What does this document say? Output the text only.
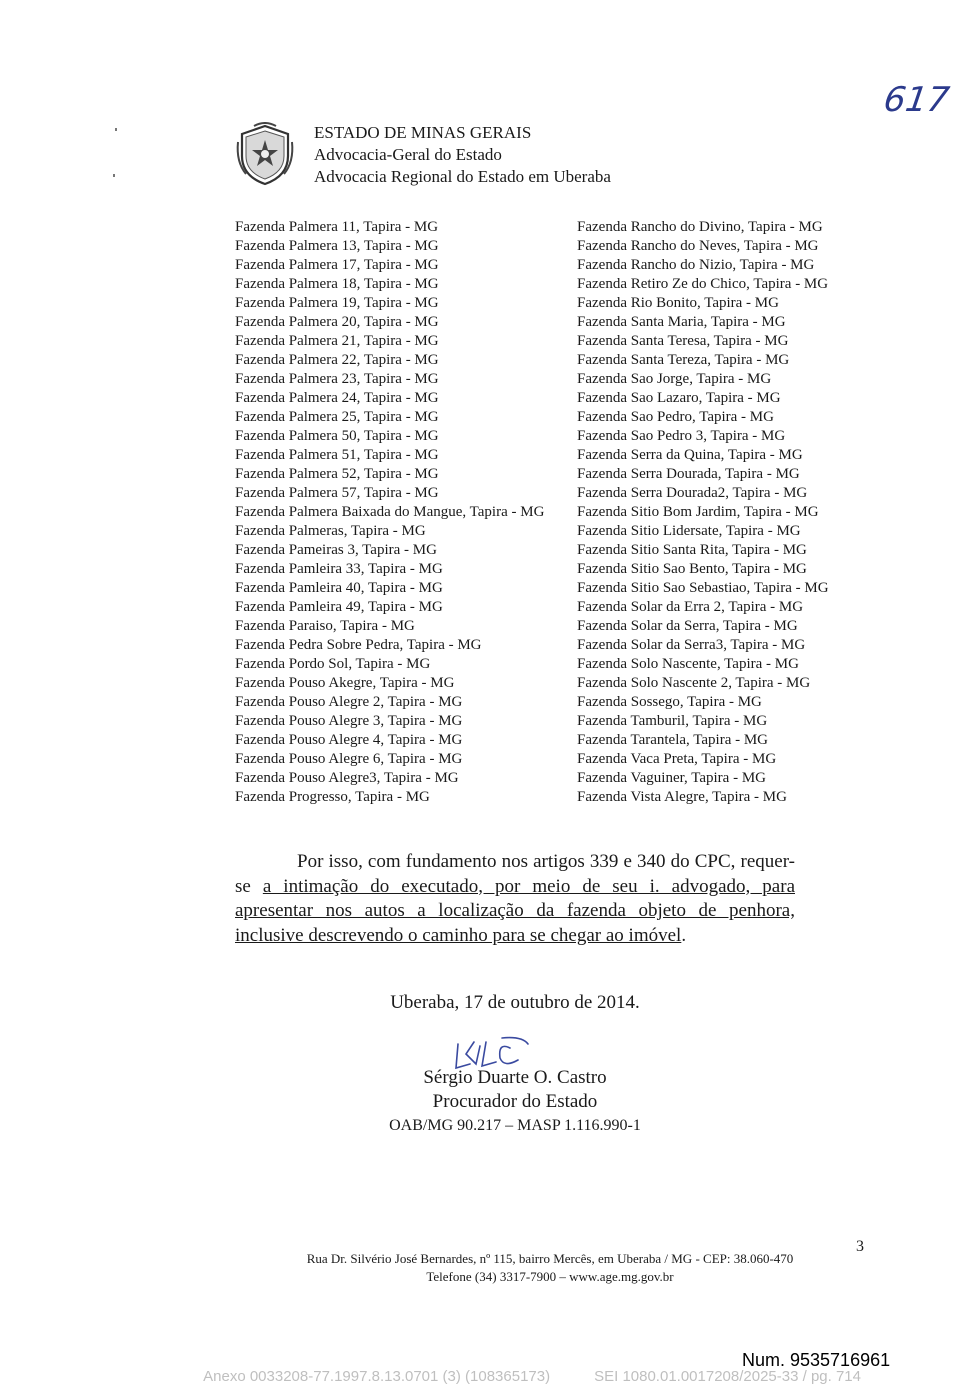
617
ESTADO DE MINAS GERAIS
Advocacia-Geral do Estado
Advocacia Regional do Estado em Uberaba
Fazenda Palmera 11, Tapira - MG
Fazenda Palmera 13, Tapira - MG
Fazenda Palmera 17, Tapira - MG
Fazenda Palmera 18, Tapira - MG
Fazenda Palmera 19, Tapira - MG
Fazenda Palmera 20, Tapira - MG
Fazenda Palmera 21, Tapira - MG
Fazenda Palmera 22, Tapira - MG
Fazenda Palmera 23, Tapira - MG
Fazenda Palmera 24, Tapira - MG
Fazenda Palmera 25, Tapira - MG
Fazenda Palmera 50, Tapira - MG
Fazenda Palmera 51, Tapira - MG
Fazenda Palmera 52, Tapira - MG
Fazenda Palmera 57, Tapira - MG
Fazenda Palmera Baixada do Mangue, Tapira - MG
Fazenda Palmeras, Tapira - MG
Fazenda Pameiras 3, Tapira - MG
Fazenda Pamleira 33, Tapira - MG
Fazenda Pamleira 40, Tapira - MG
Fazenda Pamleira 49, Tapira - MG
Fazenda Paraiso, Tapira - MG
Fazenda Pedra Sobre Pedra, Tapira - MG
Fazenda Pordo Sol, Tapira - MG
Fazenda Pouso Akegre, Tapira - MG
Fazenda Pouso Alegre 2, Tapira - MG
Fazenda Pouso Alegre 3, Tapira - MG
Fazenda Pouso Alegre 4, Tapira - MG
Fazenda Pouso Alegre 6, Tapira - MG
Fazenda Pouso Alegre3, Tapira - MG
Fazenda Progresso, Tapira - MG
Fazenda Rancho do Divino, Tapira - MG
Fazenda Rancho do Neves, Tapira - MG
Fazenda Rancho do Nizio, Tapira - MG
Fazenda Retiro Ze do Chico, Tapira - MG
Fazenda Rio Bonito, Tapira - MG
Fazenda Santa Maria, Tapira - MG
Fazenda Santa Teresa, Tapira - MG
Fazenda Santa Tereza, Tapira - MG
Fazenda Sao Jorge, Tapira - MG
Fazenda Sao Lazaro, Tapira - MG
Fazenda Sao Pedro, Tapira - MG
Fazenda Sao Pedro 3, Tapira - MG
Fazenda Serra da Quina, Tapira - MG
Fazenda Serra Dourada, Tapira - MG
Fazenda Serra Dourada2, Tapira - MG
Fazenda Sitio Bom Jardim, Tapira - MG
Fazenda Sitio Lidersate, Tapira - MG
Fazenda Sitio Santa Rita, Tapira - MG
Fazenda Sitio Sao Bento, Tapira - MG
Fazenda Sitio Sao Sebastiao, Tapira - MG
Fazenda Solar da Erra 2, Tapira - MG
Fazenda Solar da Serra, Tapira - MG
Fazenda Solar da Serra3, Tapira - MG
Fazenda Solo Nascente, Tapira - MG
Fazenda Solo Nascente 2, Tapira - MG
Fazenda Sossego, Tapira - MG
Fazenda Tamburil, Tapira - MG
Fazenda Tarantela, Tapira - MG
Fazenda Vaca Preta, Tapira - MG
Fazenda Vaguiner, Tapira - MG
Fazenda Vista Alegre, Tapira - MG
Por isso, com fundamento nos artigos 339 e 340 do CPC, requer-se a intimação do executado, por meio de seu i. advogado, para apresentar nos autos a localização da fazenda objeto de penhora, inclusive descrevendo o caminho para se chegar ao imóvel.
Uberaba, 17 de outubro de 2014.
Sérgio Duarte O. Castro
Procurador do Estado
OAB/MG 90.217 – MASP 1.116.990-1
3
Rua Dr. Silvério José Bernardes, nº 115, bairro Mercês, em Uberaba / MG - CEP: 38.060-470
Telefone (34) 3317-7900 – www.age.mg.gov.br
Num. 9535716961
Anexo 0033208-77.1997.8.13.0701 (3) (108365173)	SEI 1080.01.0017208/2025-33 / pg. 714
